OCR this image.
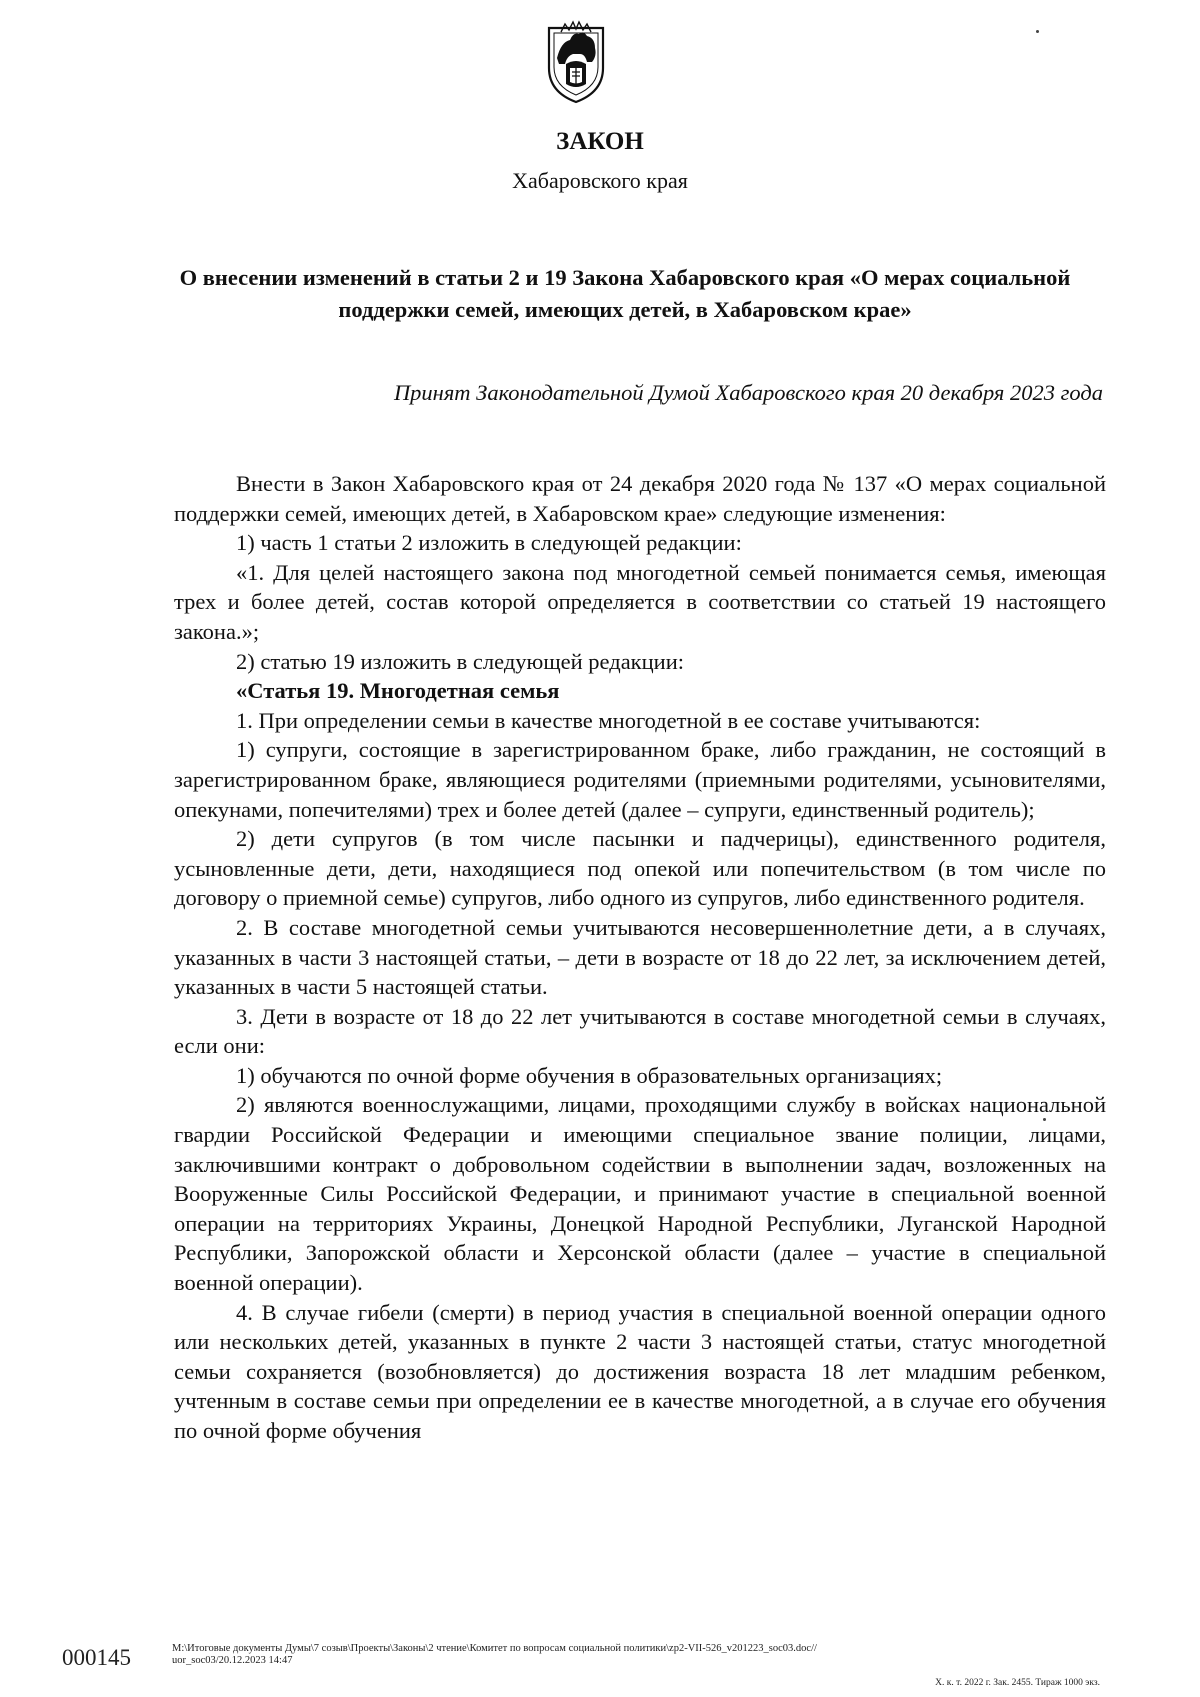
ЗАКОН
Хабаровского края
О внесении изменений в статьи 2 и 19 Закона Хабаровского края «О мерах социальной поддержки семей, имеющих детей, в Хабаровском крае»
Принят Законодательной Думой Хабаровского края 20 декабря 2023 года

Внести в Закон Хабаровского края от 24 декабря 2020 года № 137 «О мерах социальной поддержки семей, имеющих детей, в Хабаровском крае» следующие изменения:

1) часть 1 статьи 2 изложить в следующей редакции:

«1. Для целей настоящего закона под многодетной семьей понимается семья, имеющая трех и более детей, состав которой определяется в соответствии со статьей 19 настоящего закона.»;

2) статью 19 изложить в следующей редакции:

«Статья 19. Многодетная семья

1. При определении семьи в качестве многодетной в ее составе учитываются:

1) супруги, состоящие в зарегистрированном браке, либо гражданин, не состоящий в зарегистрированном браке, являющиеся родителями (приемными родителями, усыновителями, опекунами, попечителями) трех и более детей (далее – супруги, единственный родитель);

2) дети супругов (в том числе пасынки и падчерицы), единственного родителя, усыновленные дети, дети, находящиеся под опекой или попечительством (в том числе по договору о приемной семье) супругов, либо одного из супругов, либо единственного родителя.

2. В составе многодетной семьи учитываются несовершеннолетние дети, а в случаях, указанных в части 3 настоящей статьи, – дети в возрасте от 18 до 22 лет, за исключением детей, указанных в части 5 настоящей статьи.

3. Дети в возрасте от 18 до 22 лет учитываются в составе многодетной семьи в случаях, если они:

1) обучаются по очной форме обучения в образовательных организациях;

2) являются военнослужащими, лицами, проходящими службу в войсках национальной гвардии Российской Федерации и имеющими специальное звание полиции, лицами, заключившими контракт о добровольном содействии в выполнении задач, возложенных на Вооруженные Силы Российской Федерации, и принимают участие в специальной военной операции на территориях Украины, Донецкой Народной Республики, Луганской Народной Республики, Запорожской области и Херсонской области (далее – участие в специальной военной операции).

4. В случае гибели (смерти) в период участия в специальной военной операции одного или нескольких детей, указанных в пункте 2 части 3 настоящей статьи, статус многодетной семьи сохраняется (возобновляется) до достижения возраста 18 лет младшим ребенком, учтенным в составе семьи при определении ее в качестве многодетной, а в случае его обучения по очной форме обучения

000145	M:\Итоговые документы Думы\7 созыв\Проекты\Законы\2 чтение\Комитет по вопросам социальной политики\zp2-VII-526_v201223_soc03.doc//
uor_soc03/20.12.2023 14:47
Х. к. т. 2022 г. Зак. 2455. Тираж 1000 экз.
